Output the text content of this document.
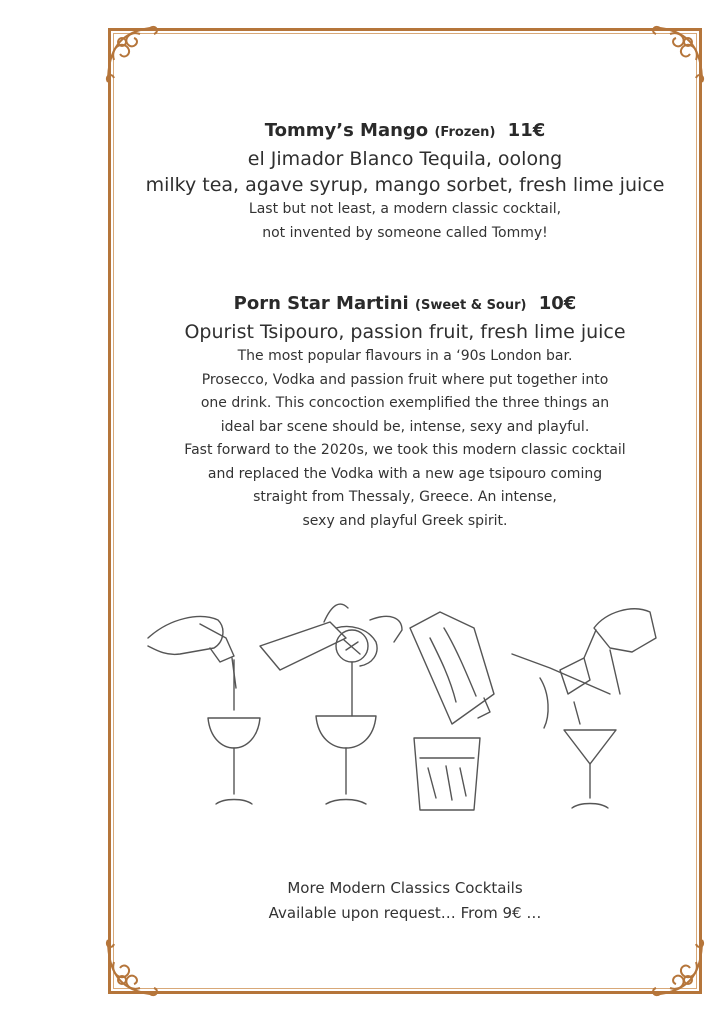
Tommy’s Mango (Frozen) 11€

el Jimador Blanco Tequila, oolong

milky tea, agave syrup, mango sorbet, fresh lime juice

Last but not least, a modern classic cocktail,

not invented by someone called Tommy!

Porn Star Martini (Sweet & Sour) 10€

Opurist Tsipouro, passion fruit, fresh lime juice

The most popular flavours in a ‘90s London bar.

Prosecco, Vodka and passion fruit where put together into

one drink. This concoction exemplified the three things an

ideal bar scene should be, intense, sexy and playful.

Fast forward to the 2020s, we took this modern classic cocktail

and replaced the Vodka with a new age tsipouro coming

straight from Thessaly, Greece. An intense,

sexy and playful Greek spirit.

More Modern Classics Cocktails
Available upon request… From 9€ …
